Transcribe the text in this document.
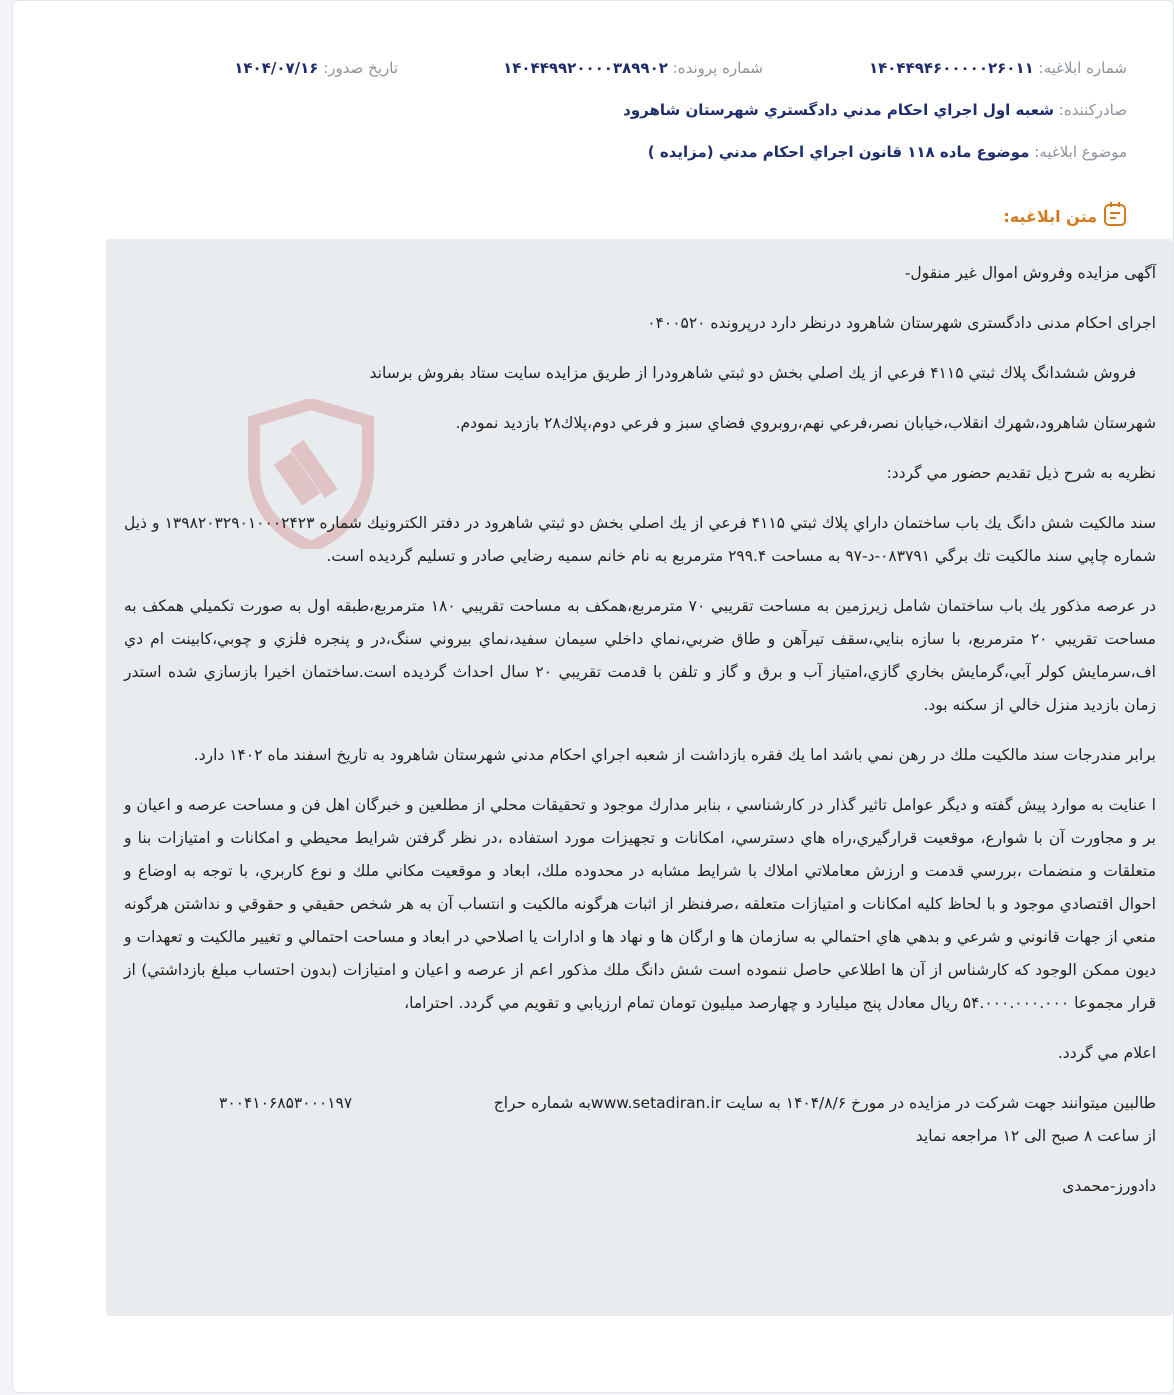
شماره ابلاغیه: ۱۴۰۴۴۹۴۶۰۰۰۰۰۲۶۰۱۱
شماره پرونده: ۱۴۰۴۴۹۹۲۰۰۰۰۳۸۹۹۰۲
تاریخ صدور: ۱۴۰۴/۰۷/۱۶
صادرکننده:

شعبه اول اجراي احكام مدني دادگستري شهرستان شاهرود
موضوع ابلاغیه:

موضوع ماده ۱۱۸ قانون اجراي احكام مدني (مزايده )
متن ابلاغیه:

آگهی مزایده وفروش اموال غیر منقول-

اجرای احکام مدنی دادگستری شهرستان شاهرود درنظر دارد درپرونده ۰۴۰۰۵۲۰

فروش ششدانگ پلاك ثبتي ۴۱۱۵ فرعي از يك اصلي بخش دو ثبتي شاهرودرا از طريق مزايده سايت ستاد بفروش برساند

شهرستان شاهرود،شهرك انقلاب،خيابان نصر،فرعي نهم،روبروي فضاي سبز و فرعي دوم،پلاك۲۸ بازديد نمودم.

نظريه به شرح ذيل تقديم حضور مي گردد:

سند مالكيت شش دانگ يك باب ساختمان داراي پلاك ثبتي ۴۱۱۵ فرعي از يك اصلي بخش دو ثبتي شاهرود در دفتر الكترونيك شماره ۱۳۹۸۲۰۳۲۹۰۱۰۰۰۲۴۲۳ و ذيل شماره چاپي سند مالكيت تك برگي ۰۸۳۷۹۱-د-۹۷ به مساحت ۲۹۹.۴ مترمربع به نام خانم سميه رضايي صادر و تسليم گرديده است.

در عرصه مذكور يك باب ساختمان شامل زيرزمين به مساحت تقريبي ۷۰ مترمربع،همكف به مساحت تقريبي ۱۸۰ مترمربع،طبقه اول به صورت تكميلي همكف به مساحت تقريبي ۲۰ مترمربع، با سازه بنايي،سقف تيرآهن و طاق ضربي،نماي داخلي سيمان سفيد،نماي بيروني سنگ،در و پنجره فلزي و چوبي،كابينت ام دي اف،سرمايش كولر آبي،گرمايش بخاري گازي،امتياز آب و برق و گاز و تلفن با قدمت تقريبي ۲۰ سال احداث گرديده است.ساختمان اخيرا بازسازي شده استدر زمان بازديد منزل خالي از سكنه بود.

برابر مندرجات سند مالكيت ملك در رهن نمي باشد اما يك فقره بازداشت از شعبه اجراي احكام مدني شهرستان شاهرود به تاريخ اسفند ماه ۱۴۰۲ دارد.

ا عنايت به موارد پيش گفته و ديگر عوامل تاثير گذار در كارشناسي ، بنابر مدارك موجود و تحقيقات محلي از مطلعين و خبرگان اهل فن و مساحت عرصه و اعيان و بر و مجاورت آن با شوارع، موقعيت قرارگيري،راه هاي دسترسي، امكانات و تجهيزات مورد استفاده ،در نظر گرفتن شرايط محيطي و امكانات و امتيازات بنا و متعلقات و منضمات ،بررسي قدمت و ارزش معاملاتي املاك با شرايط مشابه در محدوده ملك، ابعاد و موقعيت مكاني ملك و نوع كاربري، با توجه به اوضاع و احوال اقتصادي موجود و با لحاظ كليه امكانات و امتيازات متعلقه ،صرفنظر از اثبات هرگونه مالكيت و انتساب آن به هر شخص حقيقي و حقوقي و نداشتن هرگونه منعي از جهات قانوني و شرعي و بدهي هاي احتمالي به سازمان ها و ارگان ها و نهاد ها و ادارات يا اصلاحي در ابعاد و مساحت احتمالي و تغيير مالكيت و تعهدات و ديون ممكن الوجود كه كارشناس از آن ها اطلاعي حاصل ننموده است شش دانگ ملك مذكور اعم از عرصه و اعيان و امتيازات (بدون احتساب مبلغ بازداشتي) از قرار مجموعا ۵۴.۰۰۰.۰۰۰.۰۰۰ ريال معادل پنج ميليارد و چهارصد ميليون تومان تمام ارزيابي و تقويم مي گردد. احتراما،

اعلام مي گردد.

طالبين ميتوانند جهت شركت در مزايده در مورخ ۱۴۰۴/۸/۶ به سايت www.setadiran.irبه شماره حراج
۳۰۰۴۱۰۶۸۵۳۰۰۰۱۹۷
از ساعت ۸ صبح الی ۱۲ مراجعه نمايد

دادورز-محمدی
